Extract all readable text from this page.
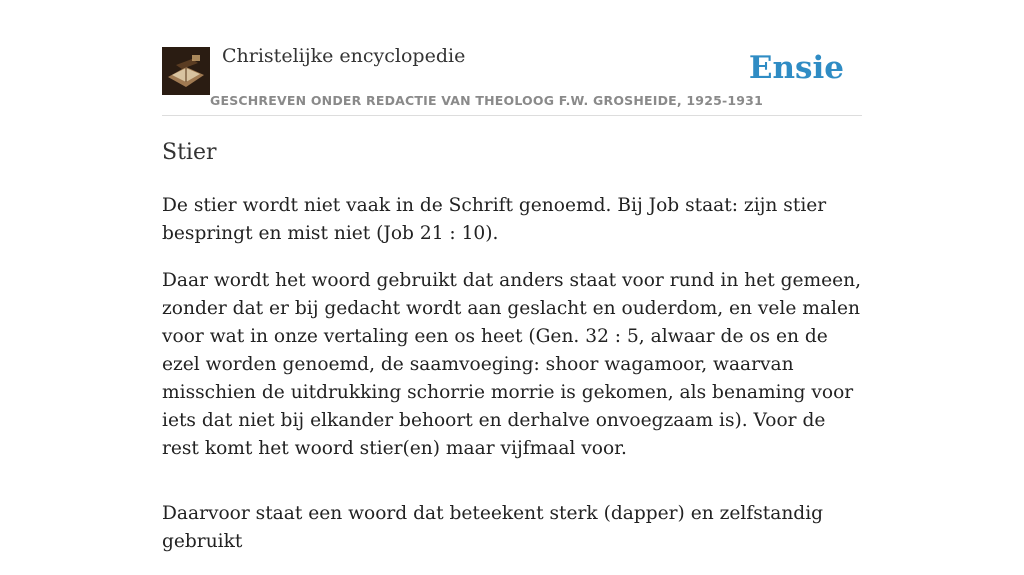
Christelijke encyclopedie
GESCHREVEN ONDER REDACTIE VAN THEOLOOG F.W. GROSHEIDE, 1925-1931
Ensie
Stier

De stier wordt niet vaak in de Schrift genoemd. Bij Job staat: zijn stier bespringt en mist niet (Job 21 : 10).

Daar wordt het woord gebruikt dat anders staat voor rund in het gemeen, zonder dat er bij gedacht wordt aan geslacht en ouderdom, en vele malen voor wat in onze vertaling een os heet (Gen. 32 : 5, alwaar de os en de ezel worden genoemd, de saamvoeging: shoor wagamoor, waarvan misschien de uitdrukking schorrie morrie is gekomen, als benaming voor iets dat niet bij elkander behoort en derhalve onvoegzaam is). Voor de rest komt het woord stier(en) maar vijfmaal voor.

Daarvoor staat een woord dat beteekent sterk (dapper) en zelfstandig gebruikt
